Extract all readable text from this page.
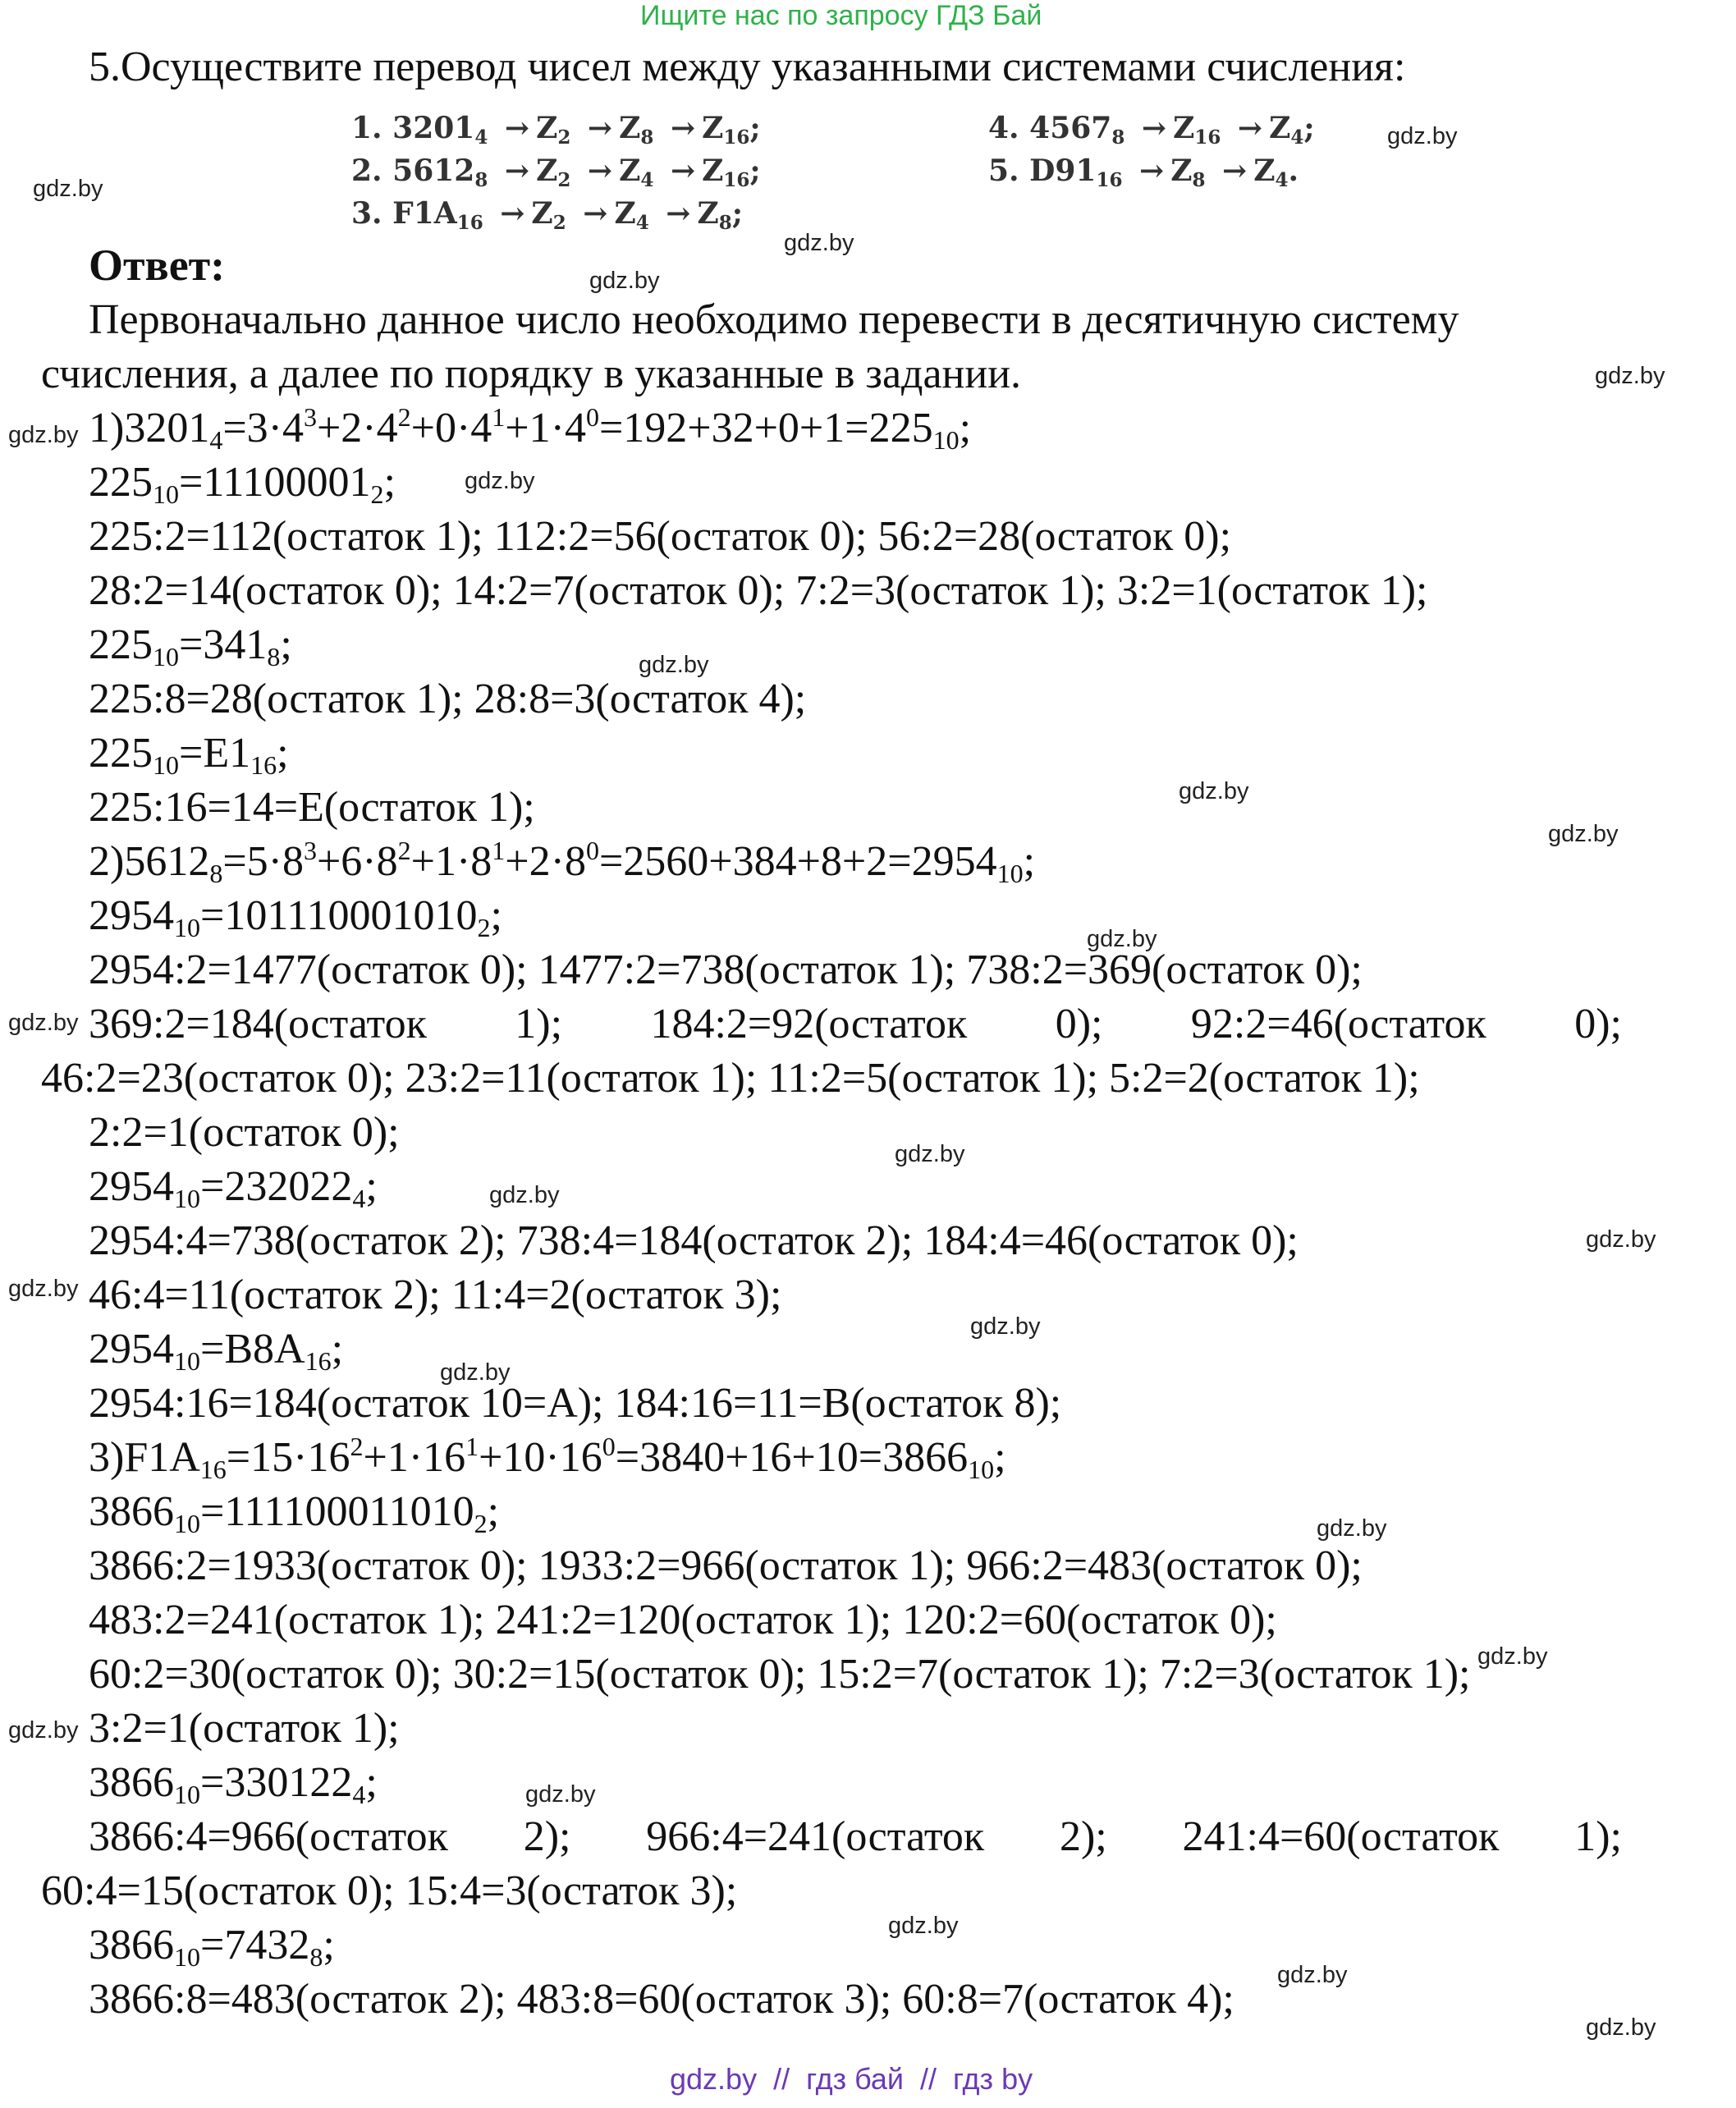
Ищите нас по запросу ГДЗ Бай
5.Осуществите перевод чисел между указанными системами счисления:
1. $3201_4 \to Z_2 \to Z_8 \to Z_{16}$;
2. $5612_8 \to Z_2 \to Z_4 \to Z_{16}$;
3. $F1A_{16} \to Z_2 \to Z_4 \to Z_8$;
4. $4567_8 \to Z_{16} \to Z_4$;
5. $D91_{16} \to Z_8 \to Z_4$.
Ответ:
Первоначально данное число необходимо перевести в десятичную систему
счисления, а далее по порядку в указанные в задании.
$1)3201_4=3\cdot 4^3+2\cdot 4^2+0\cdot 4^1+1\cdot 4^0=192+32+0+1=225_{10}$;
$225_{10}=11100001_2$;
225:2=112(остаток 1); 112:2=56(остаток 0); 56:2=28(остаток 0);
28:2=14(остаток 0); 14:2=7(остаток 0); 7:2=3(остаток 1); 3:2=1(остаток 1);
$225_{10}=341_8$;
225:8=28(остаток 1); 28:8=3(остаток 4);
$225_{10}=E1_{16}$;
225:16=14=E(остаток 1);
$2)5612_8=5\cdot 8^3+6\cdot 8^2+1\cdot 8^1+2\cdot 8^0=2560+384+8+2=2954_{10}$;
$2954_{10}=101110001010_2$;
2954:2=1477(остаток 0); 1477:2=738(остаток 1); 738:2=369(остаток 0);
369:2=184(остаток 1); 184:2=92(остаток 0); 92:2=46(остаток 0);
46:2=23(остаток 0); 23:2=11(остаток 1); 11:2=5(остаток 1); 5:2=2(остаток 1);
2:2=1(остаток 0);
$2954_{10}=232022_4$;
2954:4=738(остаток 2); 738:4=184(остаток 2); 184:4=46(остаток 0);
46:4=11(остаток 2); 11:4=2(остаток 3);
$2954_{10}=B8A_{16}$;
2954:16=184(остаток 10=A); 184:16=11=B(остаток 8);
$3)F1A_{16}=15\cdot 16^2+1\cdot 16^1+10\cdot 16^0=3840+16+10=3866_{10}$;
$3866_{10}=111100011010_2$;
3866:2=1933(остаток 0); 1933:2=966(остаток 1); 966:2=483(остаток 0);
483:2=241(остаток 1); 241:2=120(остаток 1); 120:2=60(остаток 0);
60:2=30(остаток 0); 30:2=15(остаток 0); 15:2=7(остаток 1); 7:2=3(остаток 1);
3:2=1(остаток 1);
$3866_{10}=330122_4$;
3866:4=966(остаток 2); 966:4=241(остаток 2); 241:4=60(остаток 1);
60:4=15(остаток 0); 15:4=3(остаток 3);
$3866_{10}=7432_8$;
3866:8=483(остаток 2); 483:8=60(остаток 3); 60:8=7(остаток 4);
gdz.by
gdz.by
gdz.by
gdz.by
gdz.by
gdz.by
gdz.by
gdz.by
gdz.by
gdz.by
gdz.by
gdz.by
gdz.by
gdz.by
gdz.by
gdz.by
gdz.by
gdz.by
gdz.by
gdz.by
gdz.by
gdz.by
gdz.by
gdz.by
gdz.by
gdz.by  //  гдз бай  //  гдз by
